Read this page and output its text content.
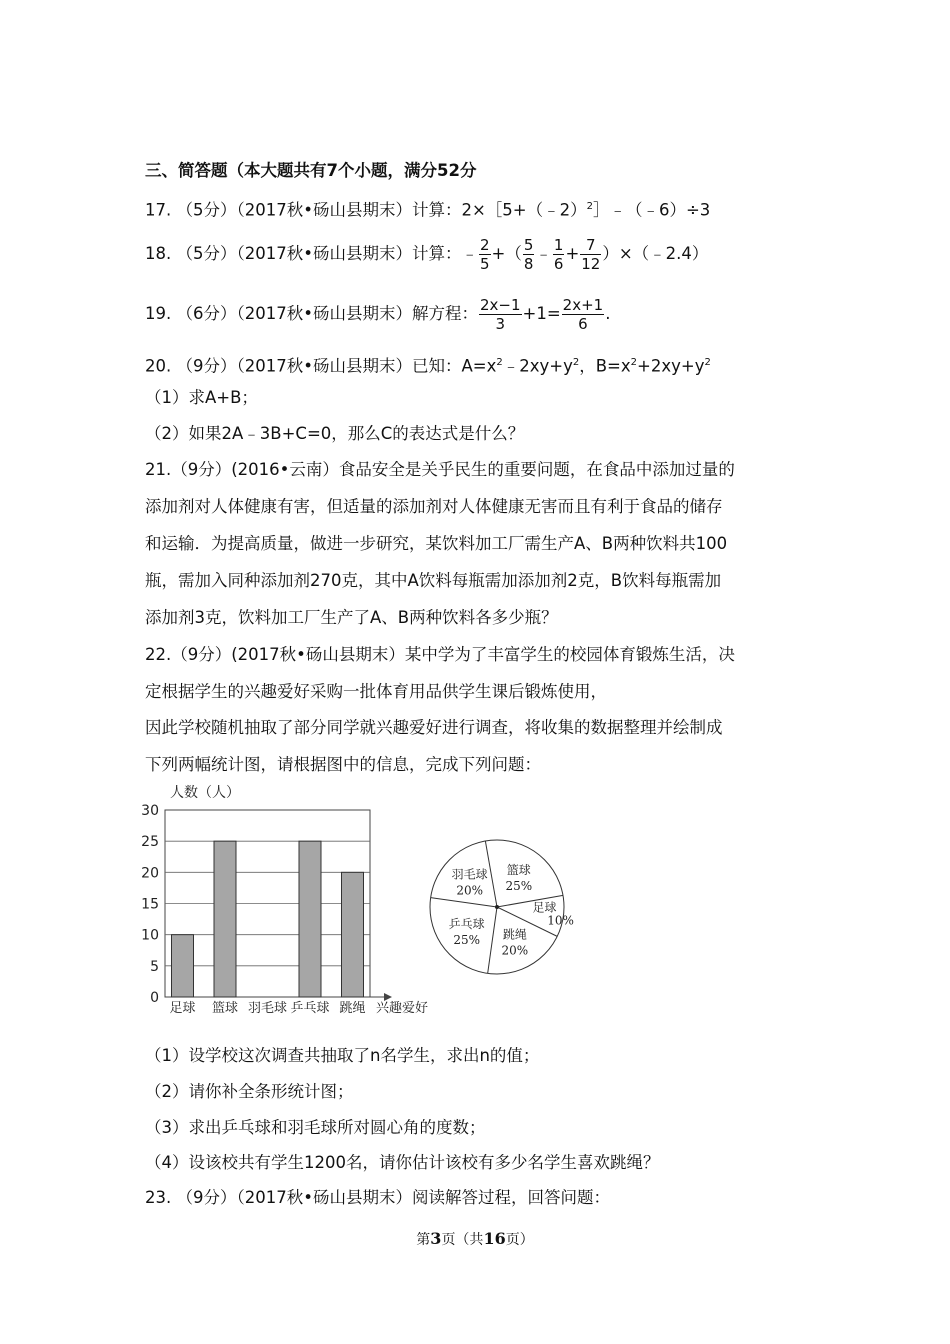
三、简答题（本大题共有7个小题，满分52分
17. （5分）（2017秋•砀山县期末）计算：2×［5+（﹣2）$^2$］﹣（﹣6）÷3
18. （5分）（2017秋•砀山县期末）计算：﹣ $\frac{2}{5}$ +（ $\frac{5}{8}$ ﹣ $\frac{1}{6} + \frac{7}{12}$ ）×（﹣2.4）
19. （6分）（2017秋•砀山县期末）解方程： $\frac{2x-1}{3} +1= \frac{2x+1}{6}$ .
20. （9分）（2017秋•砀山县期末）已知：$A=x^2﹣2xy+y^2$，$B=x^2+2xy+y^2$
（1）求A+B；
（2）如果2A﹣3B+C=0，那么C的表达式是什么？
21.（9分）(2016•云南）食品安全是关乎民生的重要问题，在食品中添加过量的
添加剂对人体健康有害，但适量的添加剂对人体健康无害而且有利于食品的储存
和运输．为提高质量，做进一步研究，某饮料加工厂需生产A、B两种饮料共100
瓶，需加入同种添加剂270克，其中A饮料每瓶需加添加剂2克，B饮料每瓶需加
添加剂3克，饮料加工厂生产了A、B两种饮料各多少瓶？
22.（9分）(2017秋•砀山县期末）某中学为了丰富学生的校园体育锻炼生活，决
定根据学生的兴趣爱好采购一批体育用品供学生课后锻炼使用，
因此学校随机抽取了部分同学就兴趣爱好进行调查，将收集的数据整理并绘制成
下列两幅统计图，请根据图中的信息，完成下列问题：
0
5
10
15
20
25
30
人数（人）
兴趣爱好
足球 篮球 羽毛球 乒乓球 跳绳
篮球
25%
足球
10%
跳绳
20%
乒乓球
25%
羽毛球
20%
（1）设学校这次调查共抽取了n名学生，求出n的值；
（2）请你补全条形统计图；
（3）求出乒乓球和羽毛球所对圆心角的度数；
（4）设该校共有学生1200名，请你估计该校有多少名学生喜欢跳绳？
23. （9分）（2017秋•砀山县期末）阅读解答过程，回答问题：
第3页（共16页）
